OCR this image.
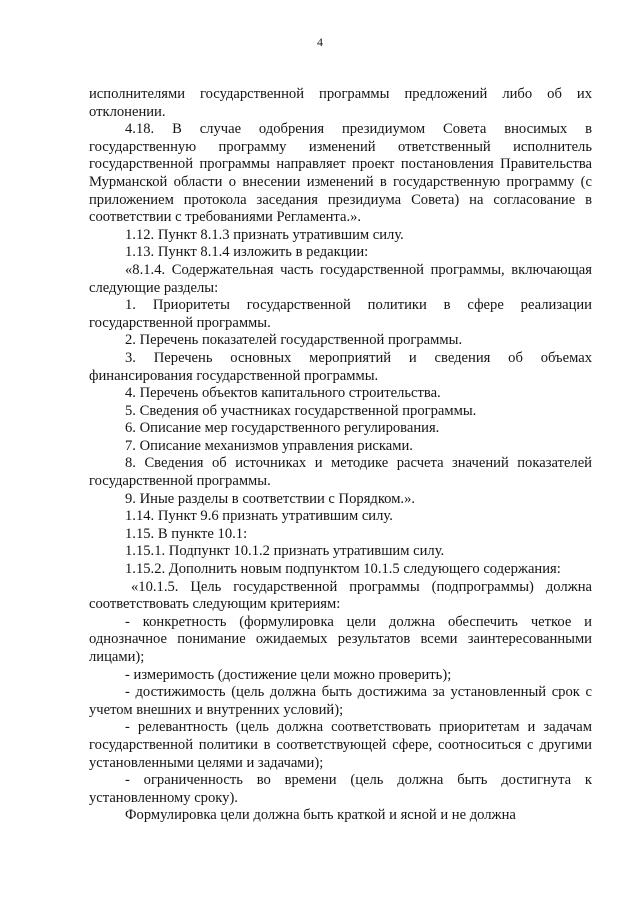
4

исполнителями государственной программы предложений либо об их отклонении.

4.18. В случае одобрения президиумом Совета вносимых в государственную программу изменений ответственный исполнитель государственной программы направляет проект постановления Правительства Мурманской области о внесении изменений в государственную программу (с приложением протокола заседания президиума Совета) на согласование в соответствии с требованиями Регламента.».

1.12. Пункт 8.1.3 признать утратившим силу.

1.13. Пункт 8.1.4 изложить в редакции:

«8.1.4. Содержательная часть государственной программы, включающая следующие разделы:

1. Приоритеты государственной политики в сфере реализации государственной программы.

2. Перечень показателей государственной программы.

3. Перечень основных мероприятий и сведения об объемах финансирования государственной программы.

4. Перечень объектов капитального строительства.

5. Сведения об участниках государственной программы.

6. Описание мер государственного регулирования.

7. Описание механизмов управления рисками.

8. Сведения об источниках и методике расчета значений показателей государственной программы.

9. Иные разделы в соответствии с Порядком.».

1.14. Пункт 9.6 признать утратившим силу.

1.15. В пункте 10.1:

1.15.1. Подпункт 10.1.2 признать утратившим силу.

1.15.2. Дополнить новым подпунктом 10.1.5 следующего содержания:

«10.1.5. Цель государственной программы (подпрограммы) должна соответствовать следующим критериям:

- конкретность (формулировка цели должна обеспечить четкое и однозначное понимание ожидаемых результатов всеми заинтересованными лицами);

- измеримость (достижение цели можно проверить);

- достижимость (цель должна быть достижима за установленный срок с учетом внешних и внутренних условий);

- релевантность (цель должна соответствовать приоритетам и задачам государственной политики в соответствующей сфере, соотноситься с другими установленными целями и задачами);

- ограниченность во времени (цель должна быть достигнута к установленному сроку).

Формулировка цели должна быть краткой и ясной и не должна
